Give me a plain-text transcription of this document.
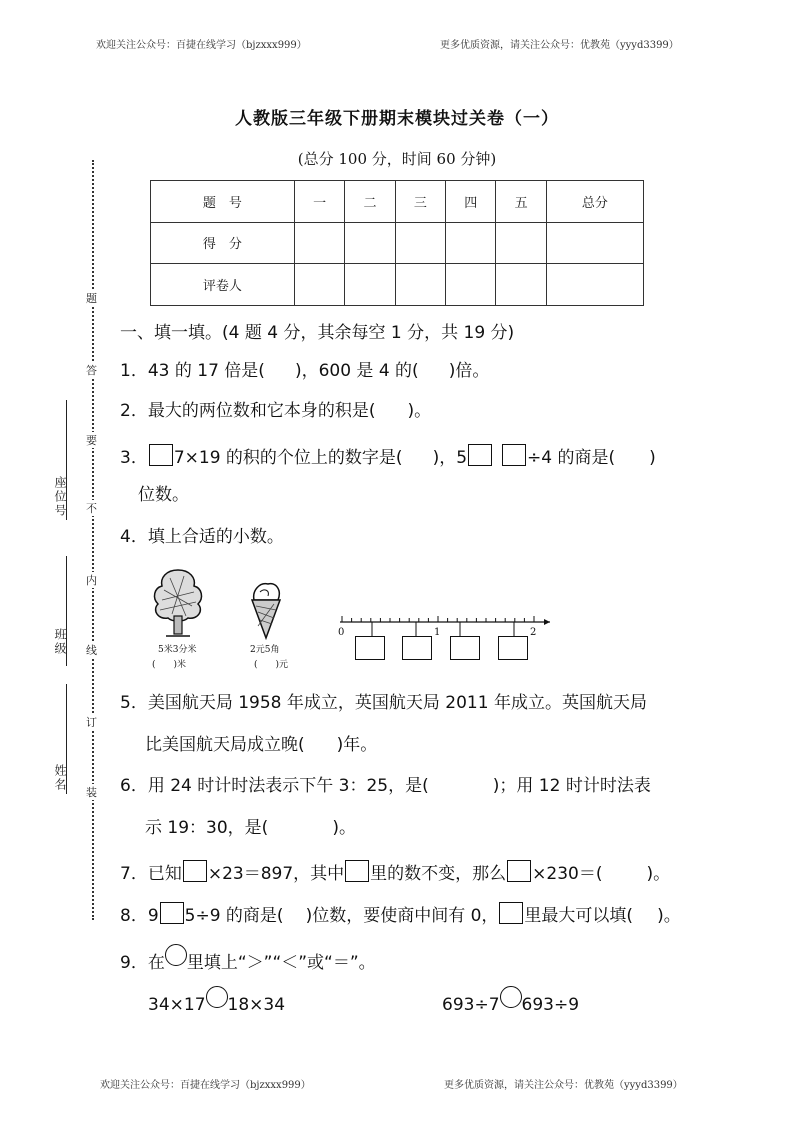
欢迎关注公众号：百捷在线学习（bjzxxx999）	更多优质资源，请关注公众号：优教苑（yyyd3399）
欢迎关注公众号：百捷在线学习（bjzxxx999）	更多优质资源，请关注公众号：优教苑（yyyd3399）
题
答
要
不
内
线
订
装
座位号
班级
姓名
人教版三年级下册期末模块过关卷（一）
(总分 100 分，时间 60 分钟)
题　号	一	二	三	四	五	总分
得　分						
评卷人						
一、填一填。(4 题 4 分，其余每空 1 分，共 19 分)
1．43 的 17 倍是( )，600 是 4 的( )倍。
2．最大的两位数和它本身的积是( )。
3． 7×19 的积的个位上的数字是( )，5	÷4 的商是( )
位数。
4．填上合适的小数。
5米3分米
(　　)米
2元5角
(　　)元
0	1	2
5．美国航天局 1958 年成立，英国航天局 2011 年成立。英国航天局
比美国航天局成立晚( )年。
6．用 24 时计时法表示下午 3：25，是(	)；用 12 时计时法表
示 19：30，是(	)。
7．已知 ×23＝897，其中 里的数不变，那么 ×230＝(	)。
8．9 5÷9 的商是( )位数，要使商中间有 0， 里最大可以填( )。
9．在 里填上“＞”“＜”或“＝”。
34×17 18×34	693÷7 693÷9
